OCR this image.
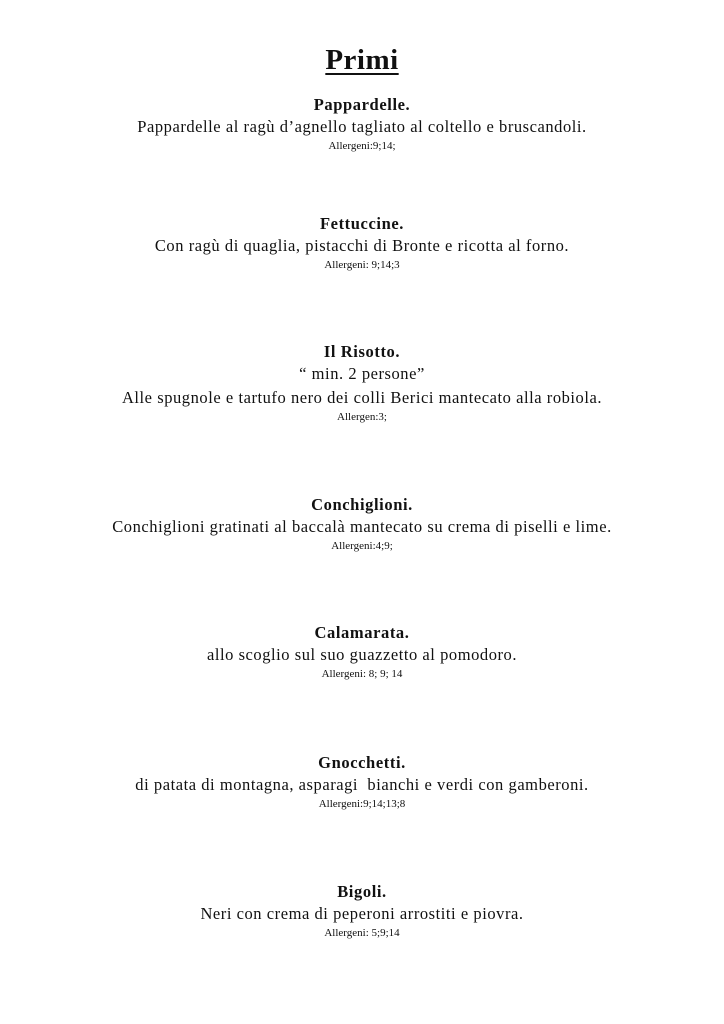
Primi
Pappardelle.
Pappardelle al ragù d’agnello tagliato al coltello e bruscandoli.
Allergeni:9;14;
Fettuccine.
Con ragù di quaglia, pistacchi di Bronte e ricotta al forno.
Allergeni: 9;14;3
Il Risotto.
“ min. 2 persone”
Alle spugnole e tartufo nero dei colli Berici mantecato alla robiola.
Allergen:3;
Conchiglioni.
Conchiglioni gratinati al baccalà mantecato su crema di piselli e lime.
Allergeni:4;9;
Calamarata.
allo scoglio sul suo guazzetto al pomodoro.
Allergeni: 8; 9; 14
Gnocchetti.
di patata di montagna, asparagi  bianchi e verdi con gamberoni.
Allergeni:9;14;13;8
Bigoli.
Neri con crema di peperoni arrostiti e piovra.
Allergeni: 5;9;14
